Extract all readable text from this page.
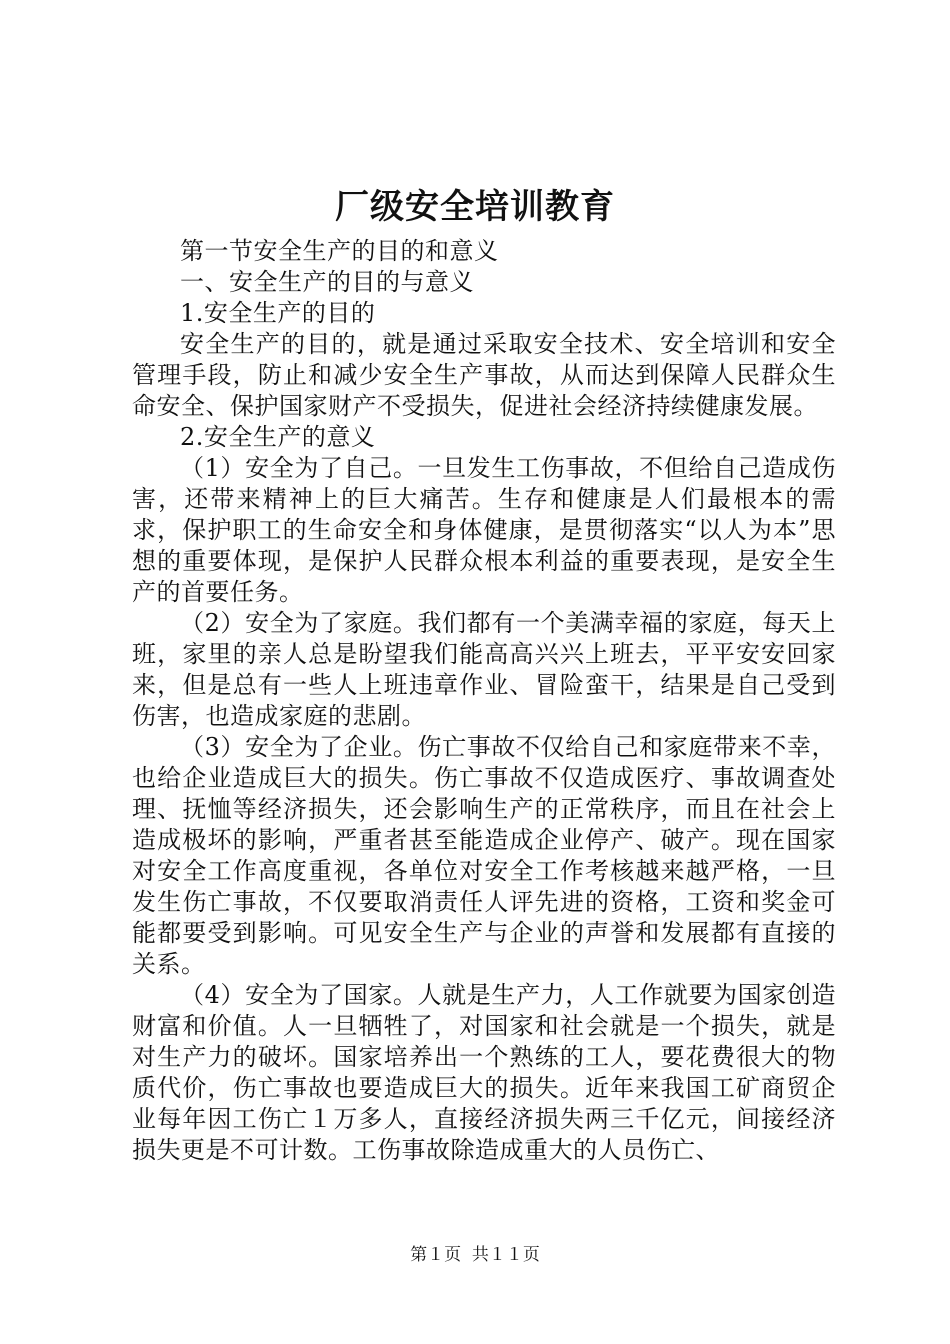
厂级安全培训教育

第一节安全生产的目的和意义

一、安全生产的目的与意义

1.安全生产的目的

安全生产的目的，就是通过采取安全技术、安全培训和安全管理手段，防止和减少安全生产事故，从而达到保障人民群众生命安全、保护国家财产不受损失，促进社会经济持续健康发展。

2.安全生产的意义

（1）安全为了自己。一旦发生工伤事故，不但给自己造成伤害，还带来精神上的巨大痛苦。生存和健康是人们最根本的需求，保护职工的生命安全和身体健康，是贯彻落实“以人为本”思想的重要体现，是保护人民群众根本利益的重要表现，是安全生产的首要任务。

（2）安全为了家庭。我们都有一个美满幸福的家庭，每天上班，家里的亲人总是盼望我们能高高兴兴上班去，平平安安回家来，但是总有一些人上班违章作业、冒险蛮干，结果是自己受到伤害，也造成家庭的悲剧。

（3）安全为了企业。伤亡事故不仅给自己和家庭带来不幸，也给企业造成巨大的损失。伤亡事故不仅造成医疗、事故调查处理、抚恤等经济损失，还会影响生产的正常秩序，而且在社会上造成极坏的影响，严重者甚至能造成企业停产、破产。现在国家对安全工作高度重视，各单位对安全工作考核越来越严格，一旦发生伤亡事故，不仅要取消责任人评先进的资格，工资和奖金可能都要受到影响。可见安全生产与企业的声誉和发展都有直接的关系。

（4）安全为了国家。人就是生产力，人工作就要为国家创造财富和价值。人一旦牺牲了，对国家和社会就是一个损失，就是对生产力的破坏。国家培养出一个熟练的工人，要花费很大的物质代价，伤亡事故也要造成巨大的损失。近年来我国工矿商贸企业每年因工伤亡１万多人，直接经济损失两三千亿元，间接经济损失更是不可计数。工伤事故除造成重大的人员伤亡、

第１页  共１１页
